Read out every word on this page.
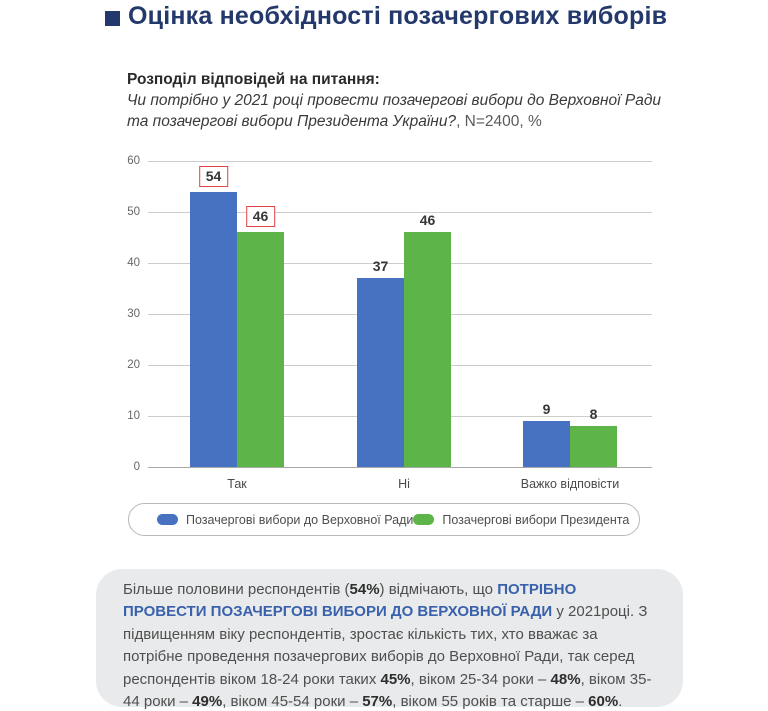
Оцінка необхідності позачергових виборів
Розподіл відповідей на питання:
Чи потрібно у 2021 році провести позачергові вибори до Верховної Ради та позачергові вибори Президента України?, N=2400, %
0
10
20
30
40
50
60
54
46
Так
37
46
Ні
9	8
Важко відповісти
Позачергові вибори до Верховної Ради Позачергові вибори Президента
Більше половини респондентів (54%) відмічають, що ПОТРІБНО ПРОВЕСТИ ПОЗАЧЕРГОВІ ВИБОРИ ДО ВЕРХОВНОЇ РАДИ у 2021році. З підвищенням віку респондентів, зростає кількість тих, хто вважає за потрібне проведення позачергових виборів до Верховної Ради, так серед респондентів віком 18-24 роки таких 45%, віком 25-34 роки – 48%, віком 35-44 роки – 49%, віком 45-54 роки – 57%, віком 55 років та старше – 60%.
